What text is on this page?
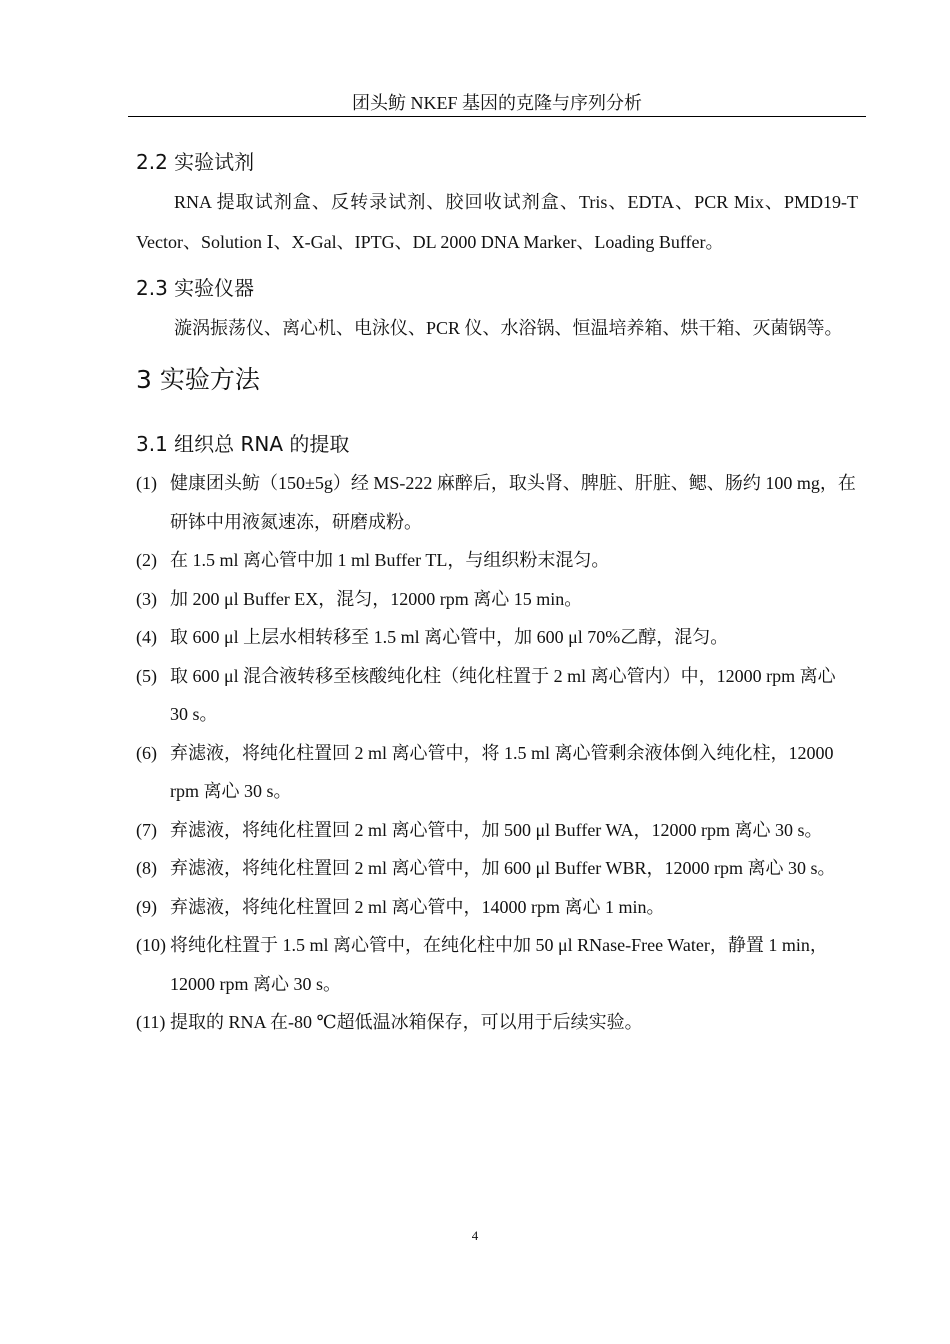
团头鲂 NKEF 基因的克隆与序列分析
2.2 实验试剂

RNA 提取试剂盒、反转录试剂、胶回收试剂盒、Tris、EDTA、PCR Mix、PMD19-T Vector、Solution Ⅰ、X-Gal、IPTG、DL 2000 DNA Marker、Loading Buffer。

2.3 实验仪器

漩涡振荡仪、离心机、电泳仪、PCR 仪、水浴锅、恒温培养箱、烘干箱、灭菌锅等。

3 实验方法
3.1 组织总 RNA 的提取
(1) 健康团头鲂（150±5g）经 MS-222 麻醉后，取头肾、脾脏、肝脏、鳃、肠约 100 mg，在研钵中用液氮速冻，研磨成粉。
(2) 在 1.5 ml 离心管中加 1 ml Buffer TL，与组织粉末混匀。
(3) 加 200 μl Buffer EX，混匀，12000 rpm 离心 15 min。
(4) 取 600 μl 上层水相转移至 1.5 ml 离心管中，加 600 μl 70%乙醇，混匀。
(5) 取 600 μl 混合液转移至核酸纯化柱（纯化柱置于 2 ml 离心管内）中，12000 rpm 离心 30 s。
(6) 弃滤液，将纯化柱置回 2 ml 离心管中，将 1.5 ml 离心管剩余液体倒入纯化柱，12000 rpm 离心 30 s。
(7) 弃滤液，将纯化柱置回 2 ml 离心管中，加 500 μl Buffer WA，12000 rpm 离心 30 s。
(8) 弃滤液，将纯化柱置回 2 ml 离心管中，加 600 μl Buffer WBR，12000 rpm 离心 30 s。
(9) 弃滤液，将纯化柱置回 2 ml 离心管中，14000 rpm 离心 1 min。
(10) 将纯化柱置于 1.5 ml 离心管中，在纯化柱中加 50 μl RNase-Free Water，静置 1 min，12000 rpm 离心 30 s。
(11) 提取的 RNA 在-80 ℃超低温冰箱保存，可以用于后续实验。
4
